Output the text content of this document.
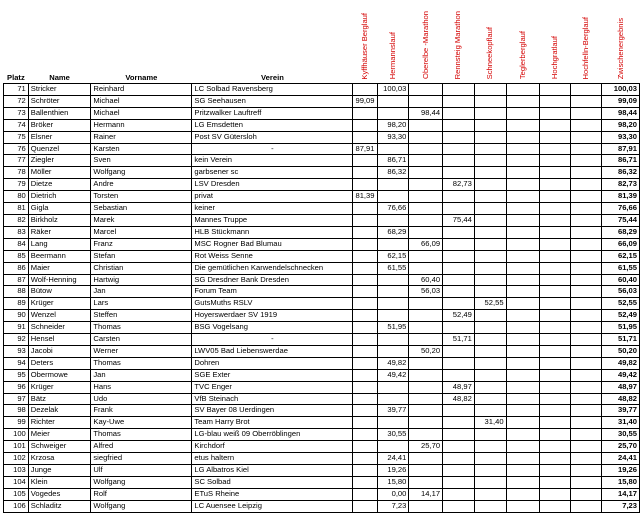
Platz	Name	Vorname	Verein	Kyffhäuser Berglauf	Hermannslauf	Oberelbe -Marathon	Rennsteig Marathon	Schneekopflauf	Teglerberglauf	Hochgratlauf	Hochfelln-Berglauf	Zwischenergebnis
71	Stricker	Reinhard	LC Solbad Ravensberg		100,03							100,03
72	Schröter	Michael	SG Seehausen	99,09								99,09
73	Ballenthien	Michael	Pritzwalker Lauftreff			98,44						98,44
74	Bröker	Hermann	LG Emsdetten		98,20							98,20
75	Elsner	Rainer	Post SV Gütersloh		93,30							93,30
76	Quenzel	Karsten	-	87,91								87,91
77	Ziegler	Sven	kein Verein		86,71							86,71
78	Möller	Wolfgang	garbsener sc		86,32							86,32
79	Dietze	Andre	LSV Dresden				82,73					82,73
80	Dietrich	Torsten	privat	81,39								81,39
81	Gigla	Sebastian	keiner		76,66							76,66
82	Birkholz	Marek	Mannes Truppe				75,44					75,44
83	Räker	Marcel	HLB Stückmann		68,29							68,29
84	Lang	Franz	MSC Rogner Bad Blumau			66,09						66,09
85	Beermann	Stefan	Rot Weiss Senne		62,15							62,15
86	Maier	Christian	Die gemütlichen Karwendelschnecken		61,55							61,55
87	Wolf-Henning	Hartwig	SG Dresdner Bank Dresden			60,40						60,40
88	Bütow	Jan	Forum Team			56,03						56,03
89	Krüger	Lars	GutsMuths RSLV					52,55				52,55
90	Wenzel	Steffen	Hoyerswerdaer SV 1919				52,49					52,49
91	Schneider	Thomas	BSG Vogelsang		51,95							51,95
92	Hensel	Carsten	-				51,71					51,71
93	Jacobi	Werner	LWV05 Bad Liebenswerdae			50,20						50,20
94	Deters	Thomas	Dohren		49,82							49,82
95	Obermowe	Jan	SGE Exter		49,42							49,42
96	Krüger	Hans	TVC Enger				48,97					48,97
97	Bätz	Udo	VfB Steinach				48,82					48,82
98	Dezelak	Frank	SV Bayer 08 Uerdingen		39,77							39,77
99	Richter	Kay-Uwe	Team Harry Brot					31,40				31,40
100	Meier	Thomas	LG-blau weiß 09 Oberröblingen		30,55							30,55
101	Schweiger	Alfred	Kirchdorf			25,70						25,70
102	Krzosa	siegfried	etus haltern		24,41							24,41
103	Junge	Ulf	LG Albatros Kiel		19,26							19,26
104	Klein	Wolfgang	SC Solbad		15,80							15,80
105	Vogedes	Rolf	ETuS Rheine		0,00	14,17						14,17
106	Schladitz	Wolfgang	LC Auensee Leipzig		7,23							7,23
